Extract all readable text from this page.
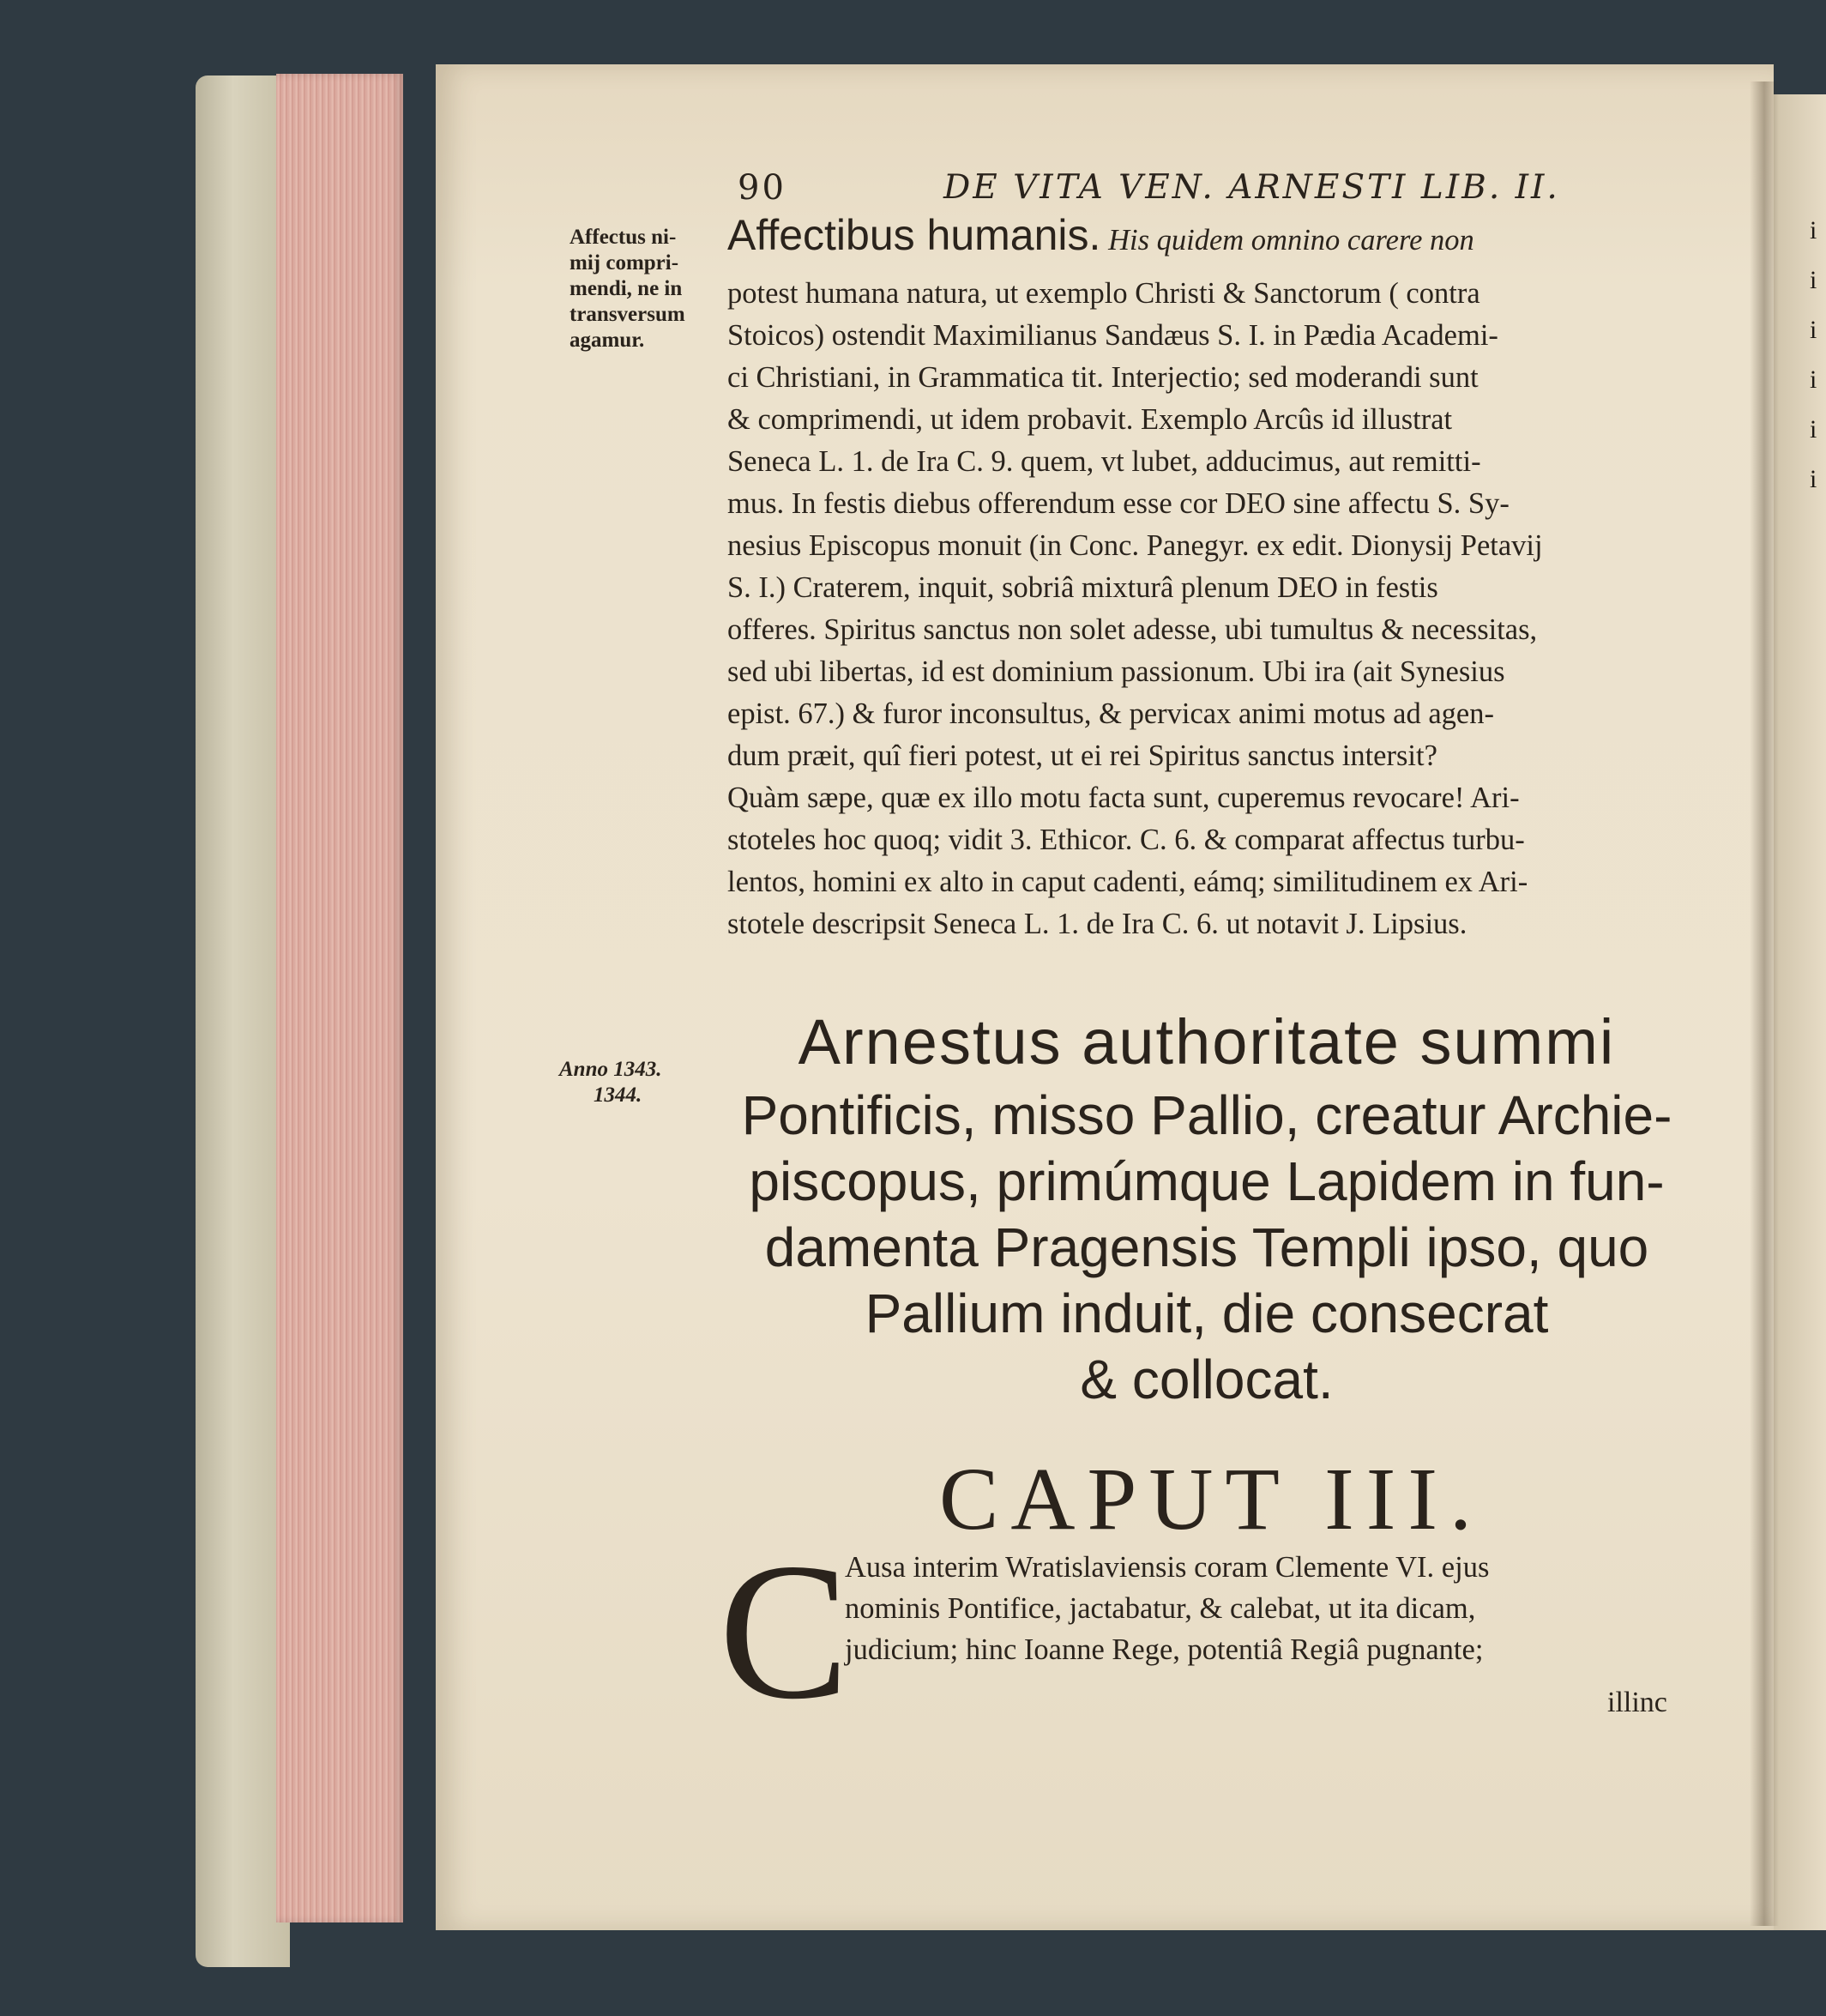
90	DE VITA VEN. ARNESTI LIB. II.
Affectus ni-
mij compri-
mendi, ne in
transversum
agamur.
Anno 1343.
1344.
Affectibus humanis. His quidem omnino carere non
potest humana natura, ut exemplo Christi & Sanctorum ( contra
Stoicos) ostendit Maximilianus Sandæus S. I. in Pædia Academi-
ci Christiani, in Grammatica tit. Interjectio; sed moderandi sunt
& comprimendi, ut idem probavit. Exemplo Arcûs id illustrat
Seneca L. 1. de Ira C. 9. quem, vt lubet, adducimus, aut remitti-
mus. In festis diebus offerendum esse cor DEO sine affectu S. Sy-
nesius Episcopus monuit (in Conc. Panegyr. ex edit. Dionysij Petavij
S. I.) Craterem, inquit, sobriâ mixturâ plenum DEO in festis
offeres. Spiritus sanctus non solet adesse, ubi tumultus & necessitas,
sed ubi libertas, id est dominium passionum. Ubi ira (ait Synesius
epist. 67.) & furor inconsultus, & pervicax animi motus ad agen-
dum præit, quî fieri potest, ut ei rei Spiritus sanctus intersit?
Quàm sæpe, quæ ex illo motu facta sunt, cuperemus revocare! Ari-
stoteles hoc quoq; vidit 3. Ethicor. C. 6. & comparat affectus turbu-
lentos, homini ex alto in caput cadenti, eámq; similitudinem ex Ari-
stotele descripsit Seneca L. 1. de Ira C. 6. ut notavit J. Lipsius.
Arnestus authoritate summi
Pontificis, misso Pallio, creatur Archie-
piscopus, primúmque Lapidem in fun-
damenta Pragensis Templi ipso, quo
Pallium induit, die consecrat
& collocat.
CAPUT III.
C
Ausa interim Wratislaviensis coram Clemente VI. ejus
nominis Pontifice, jactabatur, & calebat, ut ita dicam,
judicium; hinc Ioanne Rege, potentiâ Regiâ pugnante;
illinc
i
i
i
i
i
i
